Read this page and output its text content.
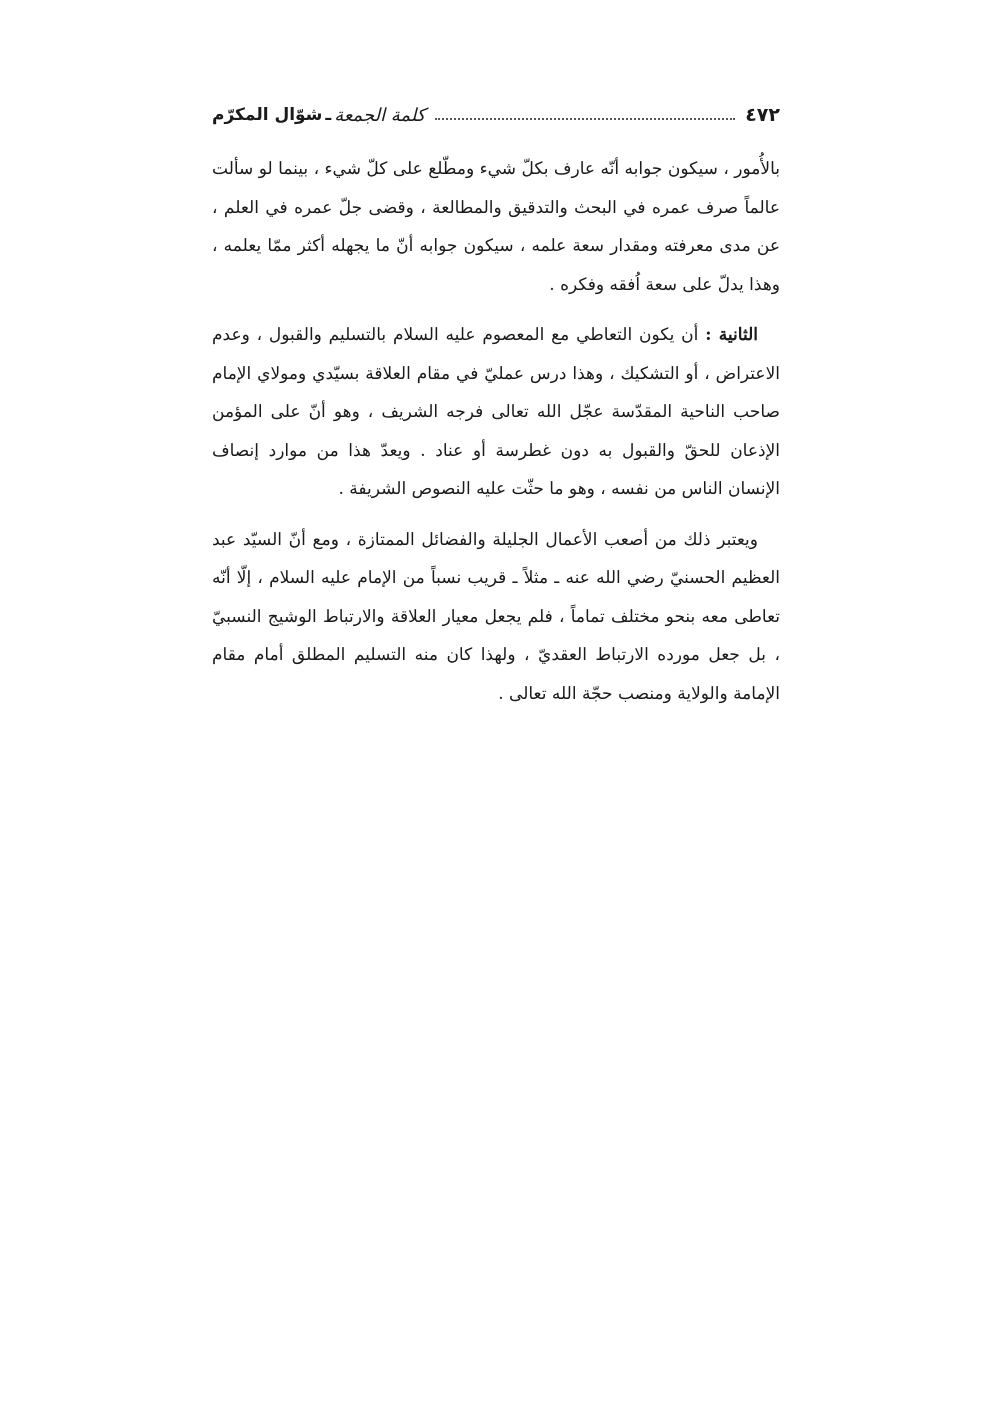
٤٧٢
كلمة الجمعة
ـ
شوّال المكرّم

بالأُمور ، سيكون جوابه أنّه عارف بكلّ شيء ومطّلع على كلّ شيء ، بينما لو سألت عالماً صرف عمره في البحث والتدقيق والمطالعة ، وقضى جلّ عمره في العلم ، عن مدى معرفته ومقدار سعة علمه ، سيكون جوابه أنّ ما يجهله أكثر ممّا يعلمه ، وهذا يدلّ على سعة اُفقه وفكره .

الثانية : أن يكون التعاطي مع المعصوم عليه السلام بالتسليم والقبول ، وعدم الاعتراض ، أو التشكيك ، وهذا درس عمليّ في مقام العلاقة بسيّدي ومولاي الإمام صاحب الناحية المقدّسة عجّل الله تعالى فرجه الشريف ، وهو أنّ على المؤمن الإذعان للحقّ والقبول به دون غطرسة أو عناد . ويعدّ هذا من موارد إنصاف الإنسان الناس من نفسه ، وهو ما حثّت عليه النصوص الشريفة .

ويعتبر ذلك من أصعب الأعمال الجليلة والفضائل الممتازة ، ومع أنّ السيّد عبد العظيم الحسنيّ رضي الله عنه ـ مثلاً ـ قريب نسباً من الإمام عليه السلام ، إلّا أنّه تعاطى معه بنحو مختلف تماماً ، فلم يجعل معيار العلاقة والارتباط الوشيج النسبيّ ، بل جعل مورده الارتباط العقديّ ، ولهذا كان منه التسليم المطلق أمام مقام الإمامة والولاية ومنصب حجّة الله تعالى .
